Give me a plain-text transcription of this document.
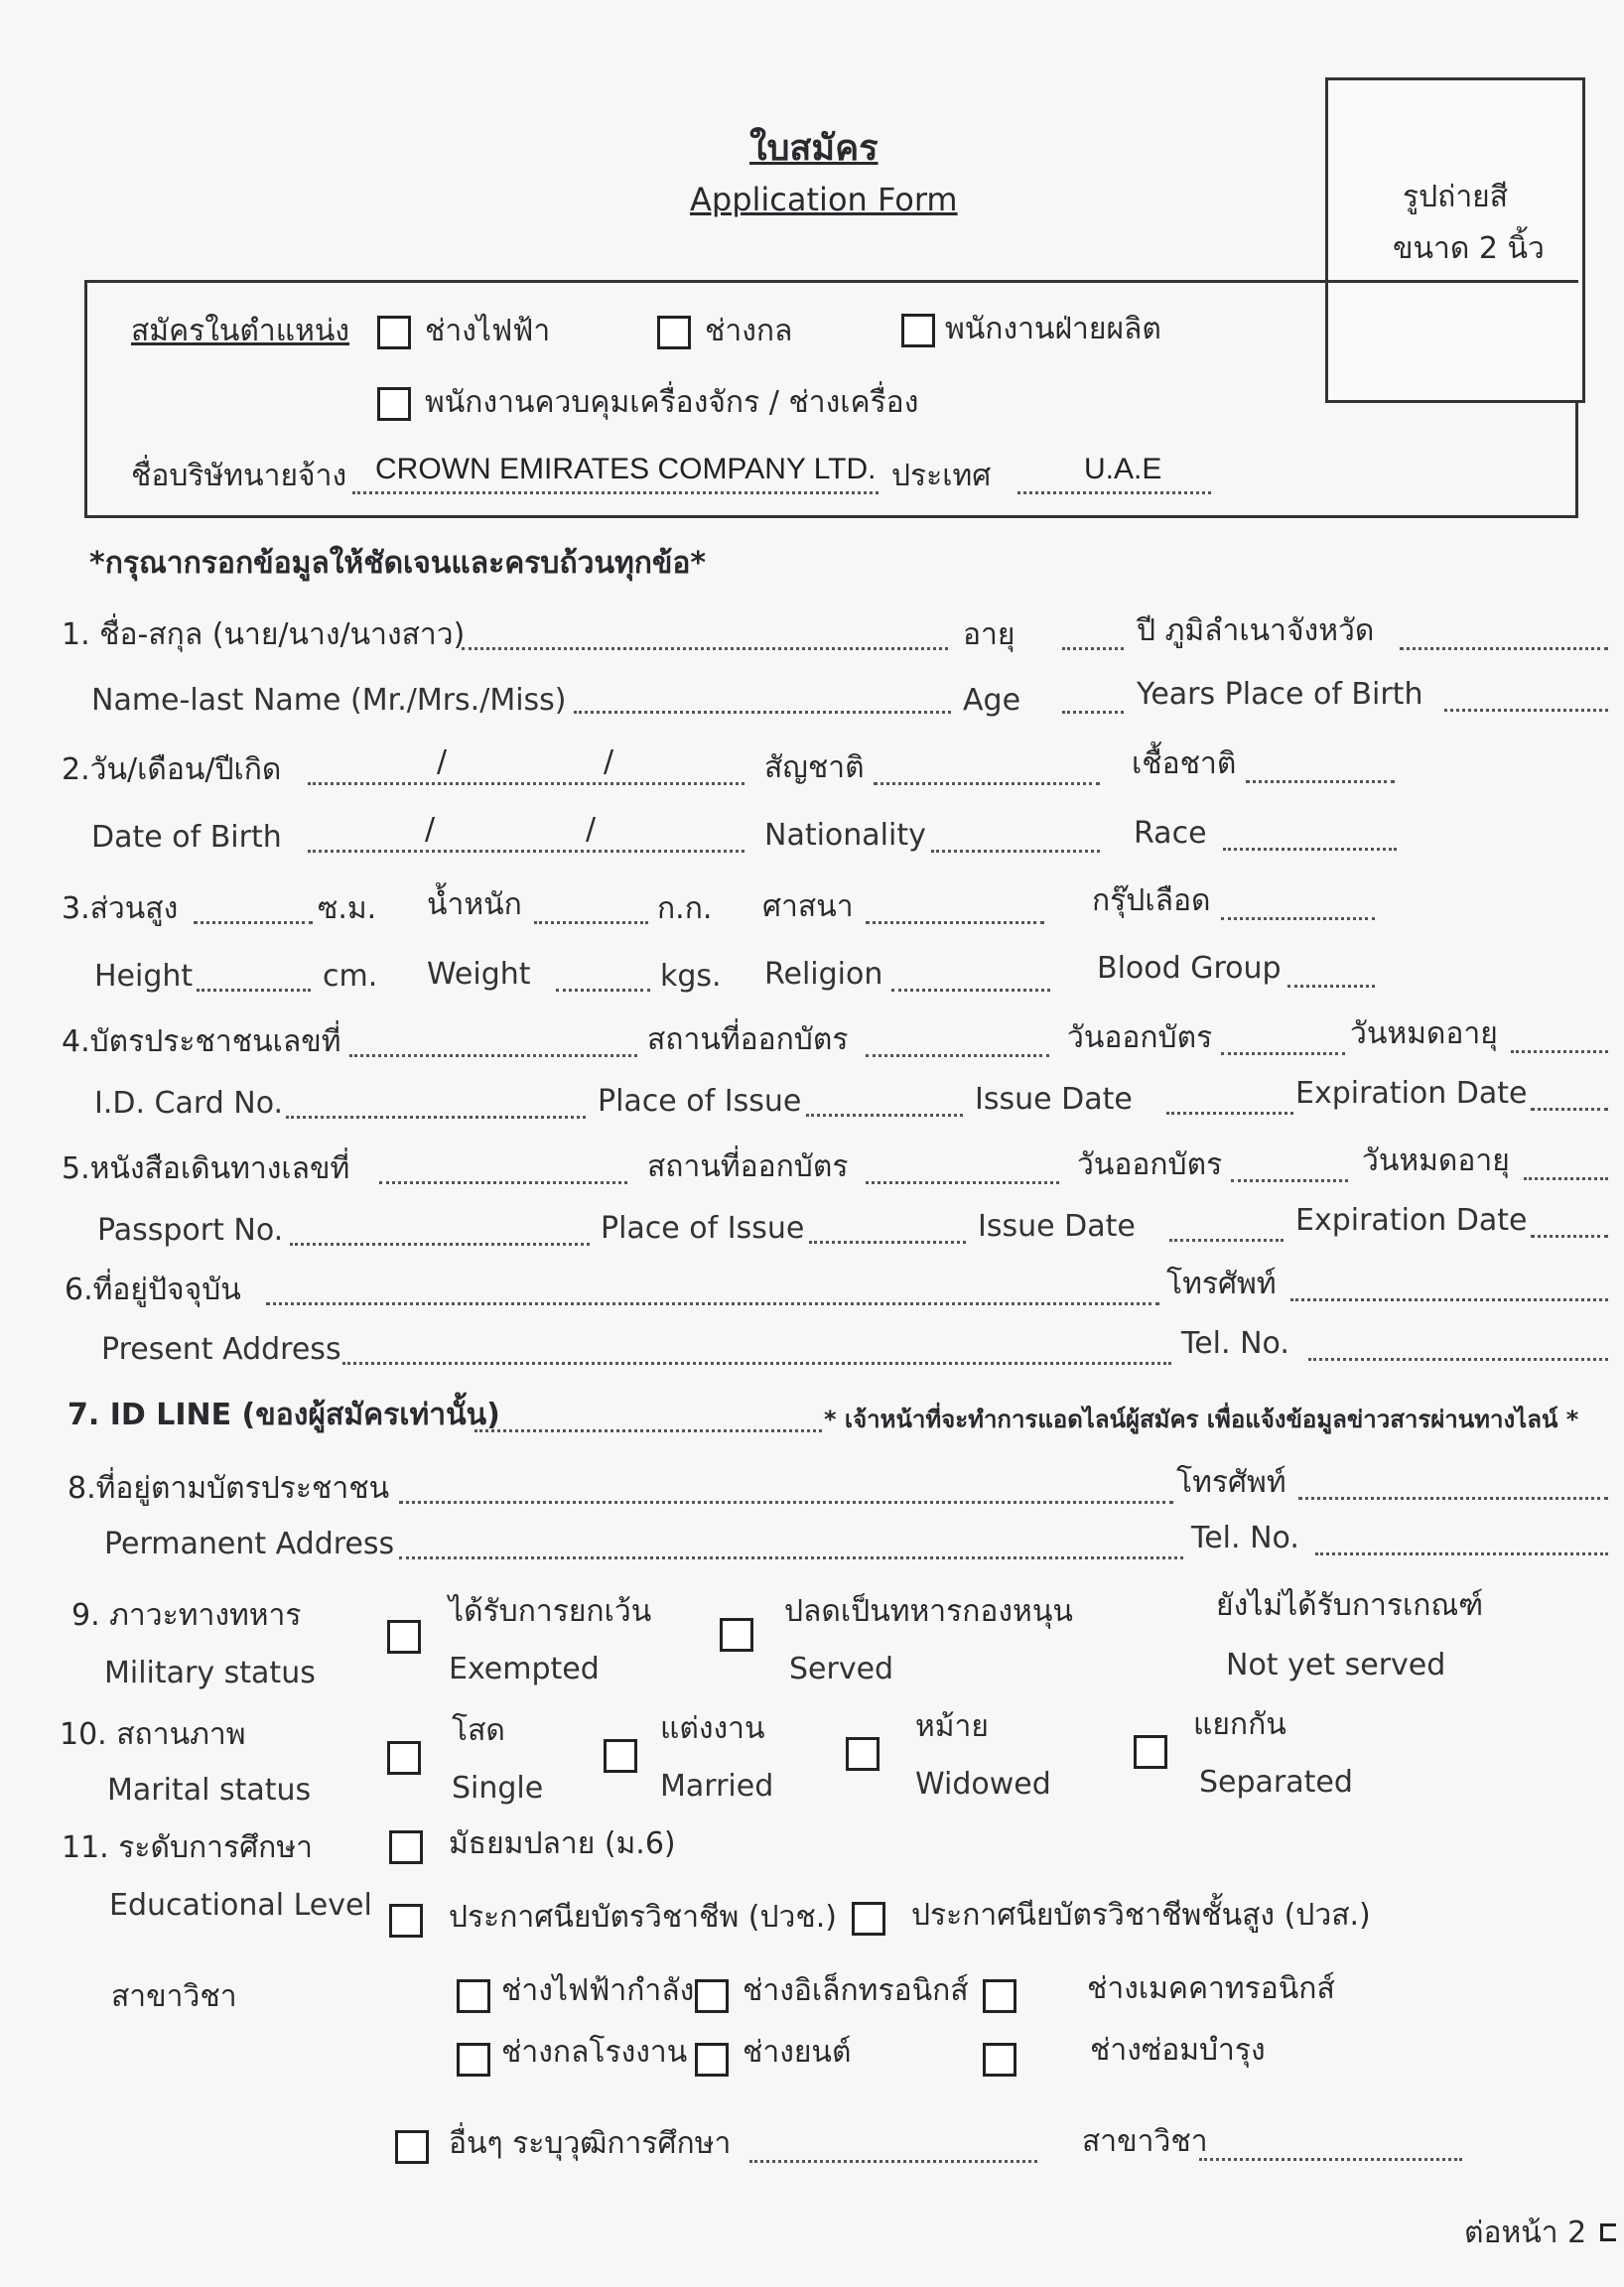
ใบสมัคร
Application Form	รูปถ่ายสี
ขนาด 2 นิ้ว
สมัครในตำแหน่ง	ช่างไฟฟ้า	ช่างกล	พนักงานฝ่ายผลิต
พนักงานควบคุมเครื่องจักร / ช่างเครื่อง
ชื่อบริษัทนายจ้าง CROWN EMIRATES COMPANY LTD. ประเทศ	U.A.E
*กรุณากรอกข้อมูลให้ชัดเจนและครบถ้วนทุกข้อ*
1. ชื่อ-สกุล (นาย/นาง/นางสาว)	อายุ	ปี ภูมิลำเนาจังหวัด
Name-last Name (Mr./Mrs./Miss)	Age	Years Place of Birth
2.วัน/เดือน/ปีเกิด	/	/	สัญชาติ	เชื้อชาติ
Date of Birth	/	/	Nationality	Race
3.ส่วนสูง	ซ.ม. น้ำหนัก	ก.ก. ศาสนา	กรุ๊ปเลือด
Height	cm. Weight	kgs. Religion	Blood Group
4.บัตรประชาชนเลขที่	สถานที่ออกบัตร	วันออกบัตร	วันหมดอายุ
I.D. Card No.	Place of Issue	Issue Date	Expiration Date
5.หนังสือเดินทางเลขที่	สถานที่ออกบัตร	วันออกบัตร	วันหมดอายุ
Passport No.	Place of Issue	Issue Date	Expiration Date
6.ที่อยู่ปัจจุบัน	โทรศัพท์
Present Address	Tel. No.
7. ID LINE (ของผู้สมัครเท่านั้น)	* เจ้าหน้าที่จะทำการแอดไลน์ผู้สมัคร เพื่อแจ้งข้อมูลข่าวสารผ่านทางไลน์ *
8.ที่อยู่ตามบัตรประชาชน	โทรศัพท์
Permanent Address	Tel. No.
9. ภาวะทางทหาร
Military status
ได้รับการยกเว้น
Exempted
ปลดเป็นทหารกองหนุน
Served
ยังไม่ได้รับการเกณฑ์
Not yet served
10. สถานภาพ
Marital status
โสด
Single
แต่งงาน
Married
หม้าย
Widowed
แยกกัน
Separated
11. ระดับการศึกษา
Educational Level
มัธยมปลาย (ม.6)
ประกาศนียบัตรวิชาชีพ (ปวช.)	ประกาศนียบัตรวิชาชีพชั้นสูง (ปวส.)
สาขาวิชา	ช่างไฟฟ้ากำลัง ช่างอิเล็กทรอนิกส์	ช่างเมคคาทรอนิกส์
ช่างกลโรงงาน ช่างยนต์	ช่างซ่อมบำรุง
อื่นๆ ระบุวุฒิการศึกษา	สาขาวิชา
ต่อหน้า 2
